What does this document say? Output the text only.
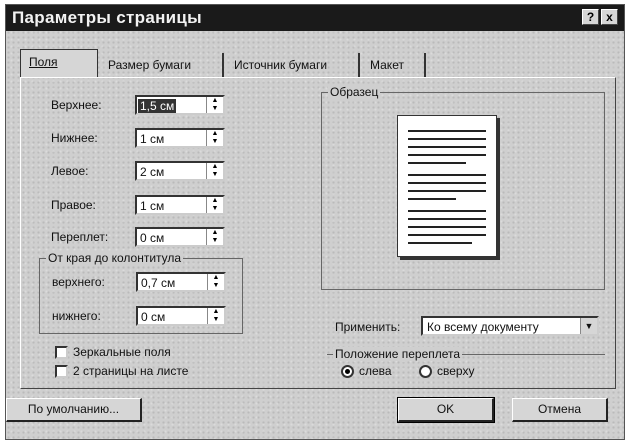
Параметры страницы	? x
Поля	Размер бумаги	Источник бумаги	Макет
Верхнее:	1,5 см	▲
▼
Нижнее:	1 см	▲
▼
Левое:	2 см	▲
▼
Правое:	1 см	▲
▼
Переплет:	0 см	▲
▼
От края до колонтитула
верхнего:	0,7 см	▲
▼
нижнего:	0 см	▲
▼
Образец
Применить: Ко всему документу	▼
Положение переплета
слева	сверху
Зеркальные поля
2 страницы на листе
По умолчанию...	OK	Отмена
